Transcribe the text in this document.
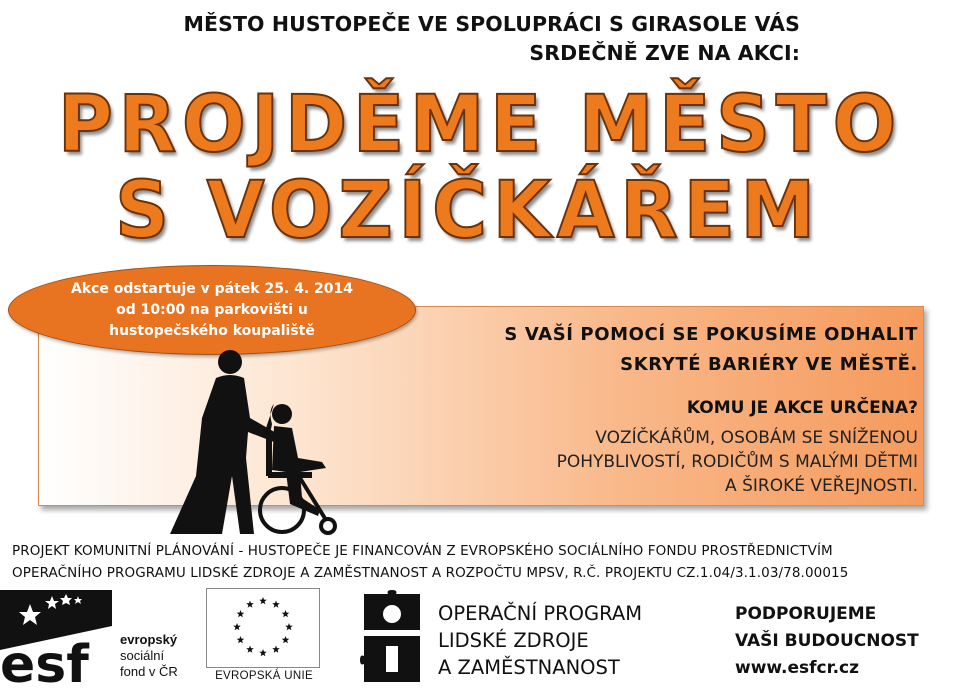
MĚSTO HUSTOPEČE VE SPOLUPRÁCI S GIRASOLE VÁS
SRDEČNĚ ZVE NA AKCI:
PROJDĚME MĚSTO
S VOZÍČKÁŘEM
Akce odstartuje v pátek 25. 4. 2014
od 10:00 na parkovišti u
hustopečského koupaliště	S VAŠÍ POMOCÍ SE POKUSÍME ODHALIT
SKRYTÉ BARIÉRY VE MĚSTĚ.
KOMU JE AKCE URČENA?
VOZÍČKÁŘŮM, OSOBÁM SE SNÍŽENOU
POHYBLIVOSTÍ, RODIČŮM S MALÝMI DĚTMI
A ŠIROKÉ VEŘEJNOSTI.
PROJEKT KOMUNITNÍ PLÁNOVÁNÍ - HUSTOPEČE JE FINANCOVÁN Z EVROPSKÉHO SOCIÁLNÍHO FONDU PROSTŘEDNICTVÍM
OPERAČNÍHO PROGRAMU LIDSKÉ ZDROJE A ZAMĚSTNANOST A ROZPOČTU MPSV, R.Č. PROJEKTU CZ.1.04/3.1.03/78.00015
esf evropský
sociální
fond v ČR	EVROPSKÁ UNIE
OPERAČNÍ PROGRAM
LIDSKÉ ZDROJE
A ZAMĚSTNANOST
PODPORUJEME
VAŠI BUDOUCNOST
www.esfcr.cz
